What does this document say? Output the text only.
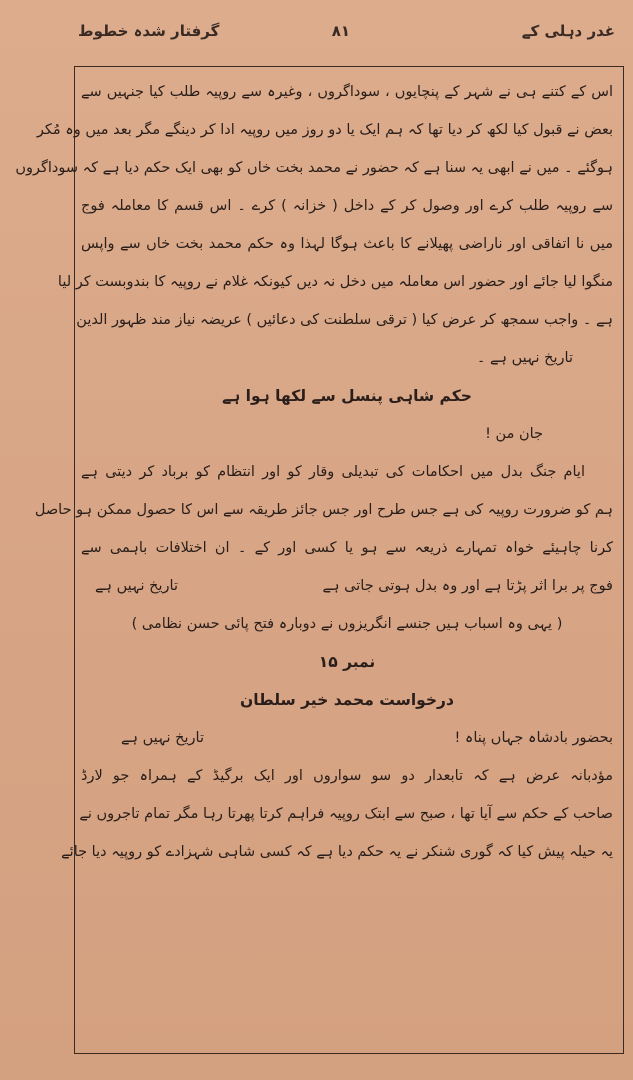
غدر دہلی کے
۸۱
گرفتار شدہ خطوط
اس کے کتنے ہی نے شہر کے پنچایوں ، سوداگروں ، وغیرہ سے روپیہ طلب کیا جنہیں سے
بعض نے قبول کیا لکھ کر دیا تھا کہ ہم ایک یا دو روز میں روپیہ ادا کر دینگے مگر بعد میں وہ مُکر
ہوگئے ۔ میں نے ابھی یہ سنا ہے کہ حضور نے محمد بخت خاں کو بھی ایک حکم دیا ہے کہ سوداگروں
سے روپیہ طلب کرے اور وصول کر کے داخل ( خزانہ ) کرے ۔ اس قسم کا معاملہ فوج
میں نا اتفاقی اور ناراضی پھیلانے کا باعث ہوگا لہذا وہ حکم محمد بخت خاں سے واپس
منگوا لیا جائے اور حضور اس معاملہ میں دخل نہ دیں کیونکہ غلام نے روپیہ کا بندوبست کر لیا
ہے ۔ واجب سمجھ کر عرض کیا ( ترقی سلطنت کی دعائیں ) عریضہ نیاز مند ظہور الدین
تاریخ نہیں ہے ۔
حکم شاہی پنسل سے لکھا ہوا ہے
جان من !
ایام جنگ بدل میں احکامات کی تبدیلی وقار کو اور انتظام کو برباد کر دیتی ہے
ہم کو ضرورت روپیہ کی ہے جس طرح اور جس جائز طریقہ سے اس کا حصول ممکن ہو حاصل
کرنا چاہیئے خواہ تمہارے ذریعہ سے ہو یا کسی اور کے ۔ ان اختلافات باہمی سے
فوج پر برا اثر پڑتا ہے اور وہ بدل ہوتی جاتی ہے
تاریخ نہیں ہے
( یہی وہ اسباب ہیں جنسے انگریزوں نے دوبارہ فتح پائی حسن نظامی )
نمبر ۱۵
درخواست محمد خیر سلطان
بحضور بادشاہ جہاں پناہ !
تاریخ نہیں ہے
مؤدبانہ عرض ہے کہ تابعدار دو سو سواروں اور ایک برگیڈ کے ہمراہ جو لارڈ
صاحب کے حکم سے آیا تھا ، صبح سے ابتک روپیہ فراہم کرتا پھرتا رہا مگر تمام تاجروں نے
یہ حیلہ پیش کیا کہ گوری شنکر نے یہ حکم دیا ہے کہ کسی شاہی شہزادے کو روپیہ دیا جائے
